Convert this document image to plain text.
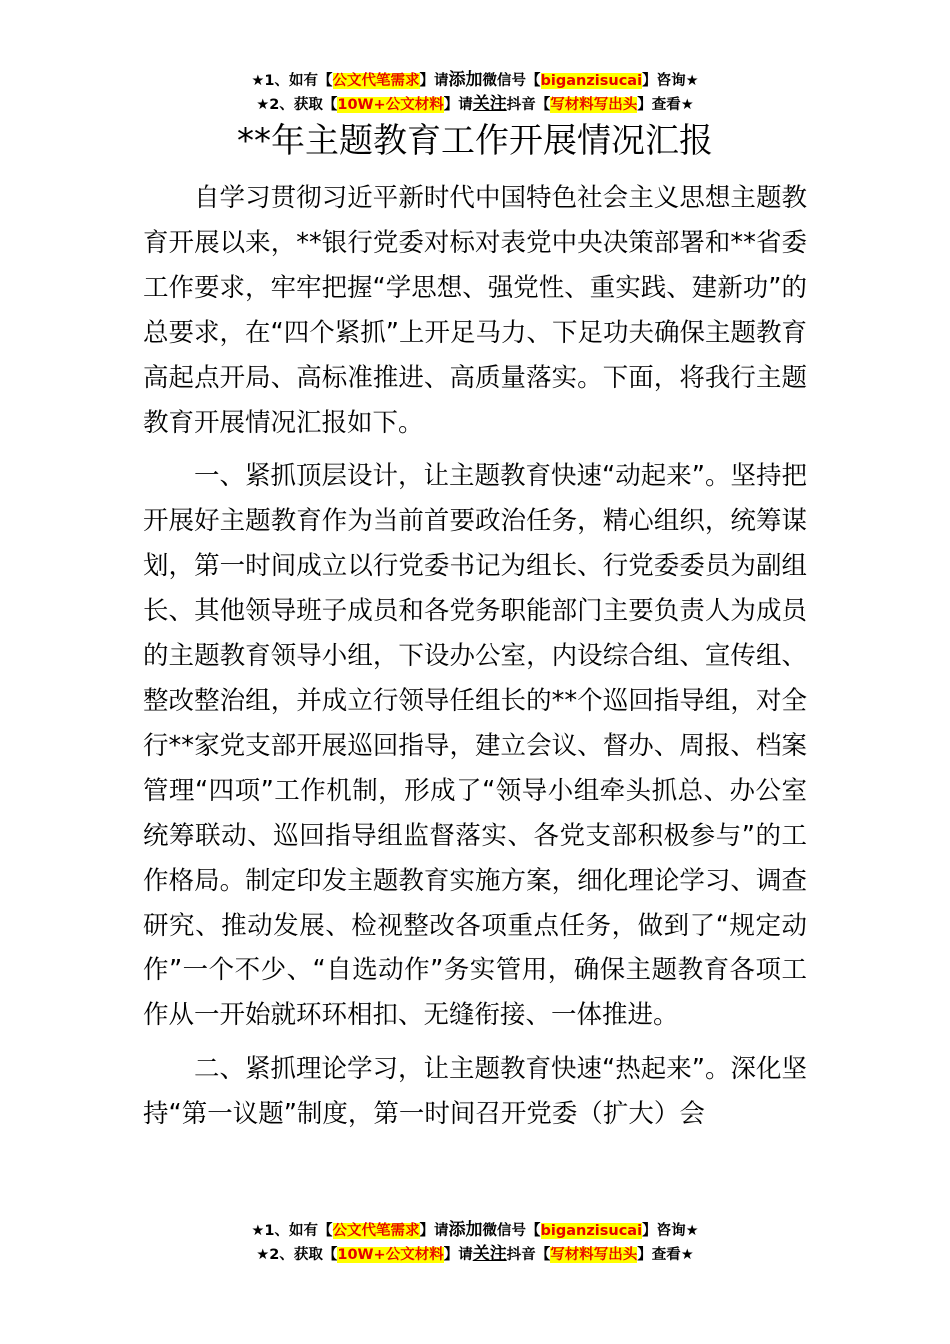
★1、如有【公文代笔需求】请添加微信号【biganzisucai】咨询★
★2、获取【10W+公文材料】请关注抖音【写材料写出头】查看★
**年主题教育工作开展情况汇报

自学习贯彻习近平新时代中国特色社会主义思想主题教育开展以来，**银行党委对标对表党中央决策部署和**省委工作要求，牢牢把握“学思想、强党性、重实践、建新功”的总要求，在“四个紧抓”上开足马力、下足功夫确保主题教育高起点开局、高标准推进、高质量落实。下面，将我行主题教育开展情况汇报如下。

一、紧抓顶层设计，让主题教育快速“动起来”。坚持把开展好主题教育作为当前首要政治任务，精心组织，统筹谋划，第一时间成立以行党委书记为组长、行党委委员为副组长、其他领导班子成员和各党务职能部门主要负责人为成员的主题教育领导小组，下设办公室，内设综合组、宣传组、整改整治组，并成立行领导任组长的**个巡回指导组，对全行**家党支部开展巡回指导，建立会议、督办、周报、档案管理“四项”工作机制，形成了“领导小组牵头抓总、办公室统筹联动、巡回指导组监督落实、各党支部积极参与”的工作格局。制定印发主题教育实施方案，细化理论学习、调查研究、推动发展、检视整改各项重点任务，做到了“规定动作”一个不少、“自选动作”务实管用，确保主题教育各项工作从一开始就环环相扣、无缝衔接、一体推进。

二、紧抓理论学习，让主题教育快速“热起来”。深化坚持“第一议题”制度，第一时间召开党委（扩大）会

★1、如有【公文代笔需求】请添加微信号【biganzisucai】咨询★
★2、获取【10W+公文材料】请关注抖音【写材料写出头】查看★
